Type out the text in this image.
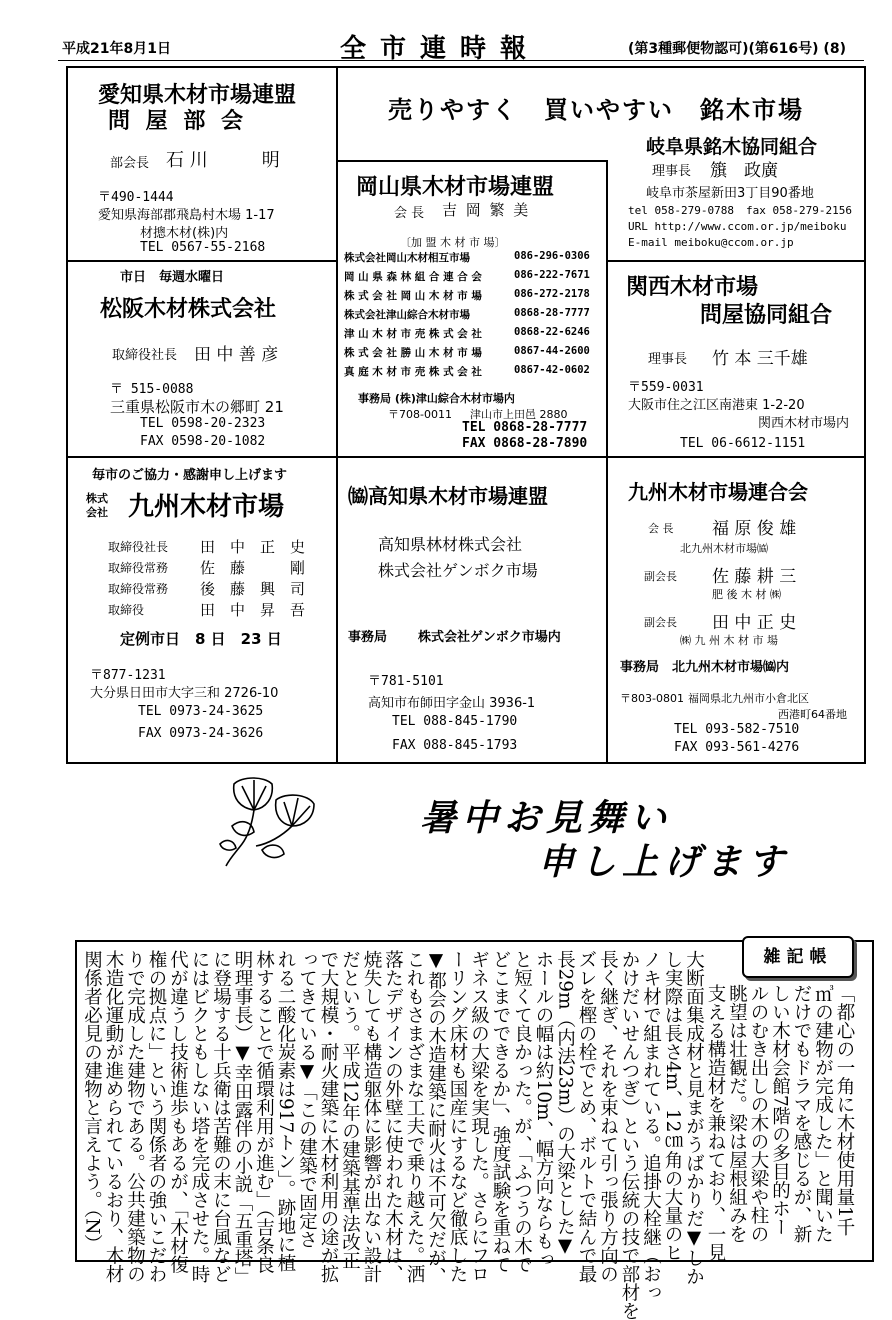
平成21年8月1日	全市連時報	(第3種郵便物認可)(第616号) (8)
愛知県木材市場連盟
問 屋 部 会
部会長 石 川　　　明
〒490-1444
愛知県海部郡飛島村木場 1-17
材摠木材(株)内
TEL 0567-55-2168
売りやすく　買いやすい　銘木市場
岐阜県銘木協同組合
理事長 籏　政廣
岐阜市茶屋新田3丁目90番地
tel 058-279-0788 fax 058-279-2156
URL http://www.ccom.or.jp/meiboku
E-mail meiboku@ccom.or.jp
岡山県木材市場連盟
会 長 吉 岡 繁 美
〔加 盟 木 材 市 場〕
株式会社岡山木材相互市場	086-296-0306
岡 山 県 森 林 組 合 連 合 会	086-222-7671
株 式 会 社 岡 山 木 材 市 場	086-272-2178
株式会社津山綜合木材市場	0868-28-7777
津 山 木 材 市 売 株 式 会 社	0868-22-6246
株 式 会 社 勝 山 木 材 市 場	0867-44-2600
真 庭 木 材 市 売 株 式 会 社	0867-42-0602
事務局 (株)津山綜合木材市場内
〒708-0011 津山市上田邑 2880
TEL 0868-28-7777
FAX 0868-28-7890
市日　毎週水曜日
松阪木材株式会社
取締役社長 田 中 善 彦
〒 515-0088
三重県松阪市木の郷町 21
TEL 0598-20-2323
FAX 0598-20-1082
関西木材市場
問屋協同組合
理事長 竹 本 三千雄
〒559-0031
大阪市住之江区南港東 1-2-20
関西木材市場内
TEL 06-6612-1151
毎市のご協力・感謝申し上げます
株式
会社 九州木材市場
取締役社長 田　中　正　史
取締役常務 佐　藤　　　剛
取締役常務 後　藤　興　司
取締役	田　中　昇　吾
定例市日　8 日　23 日
〒877-1231
大分県日田市大字三和 2726-10
TEL 0973-24-3625
FAX 0973-24-3626
㈿高知県木材市場連盟
高知県林材株式会社
株式会社ゲンボク市場
事務局 株式会社ゲンボク市場内
〒781-5101
高知市布師田字金山 3936-1
TEL 088-845-1790
FAX 088-845-1793
九州木材市場連合会
会 長 福 原 俊 雄
北九州木材市場㈿
副会長 佐 藤 耕 三
肥 後 木 材 ㈱
副会長 田 中 正 史
㈱ 九 州 木 材 市 場
事務局　北九州木材市場㈿内
〒803-0801 福岡県北九州市小倉北区
西港町64番地
TEL 093-582-7510
FAX 093-561-4276
暑中お見舞い
申し上げます
雑記帳
「都心の一角に木材使用量1千
㎥の建物が完成した」と聞いた
だけでもドラマを感じるが、新
しい木材会館7階の多目的ホー
ルのむき出しの木の大梁や柱の
眺望は壮観だ。梁は屋根組みを
支える構造材を兼ねており、一見
大断面集成材と見まがうばかりだ▼しか
し実際は長さ4m、12㎝角の大量のヒ
ノキ材で組まれている。追掛大栓継（おっ
かけだいせんつぎ）という伝統の技で部材を
長く継ぎ、それを束ねて引っ張り方向の
ズレを樫の栓でとめ、ボルトで結んで最
長29m（内法23m）の大梁とした▼
ホールの幅は約10m、幅方向ならもっ
と短くて良かった。が、「ふつうの木で
どこまでできるか」、強度試験を重ねて
ギネス級の大梁を実現した。さらにフロ
ーリング床材も国産にするなど徹底した
▼都会の木造建築に耐火は不可欠だが、
これもさまざまな工夫で乗り越えた。洒
落たデザインの外壁に使われた木材は、
焼失しても構造躯体に影響が出ない設計
だという。平成12年の建築基準法改正
で大規模・耐火建築に木材利用の途が拡
ってきている▼「この建築で固定さ
れる二酸化炭素は917トン」。跡地に植
林することで循環利用が進む」（吉条良
明理事長）▼幸田露伴の小説「五重塔」
に登場する十兵衛は苦難の末に台風など
にはビクともしない塔を完成させた。時
代が違うし技術進歩もあるが、「木材復
権の拠点に」という関係者の強いこだわ
りで完成した建物である。公共建築物の
木造化運動が進められているおり、木材
関係者必見の建物と言えよう。（N）
